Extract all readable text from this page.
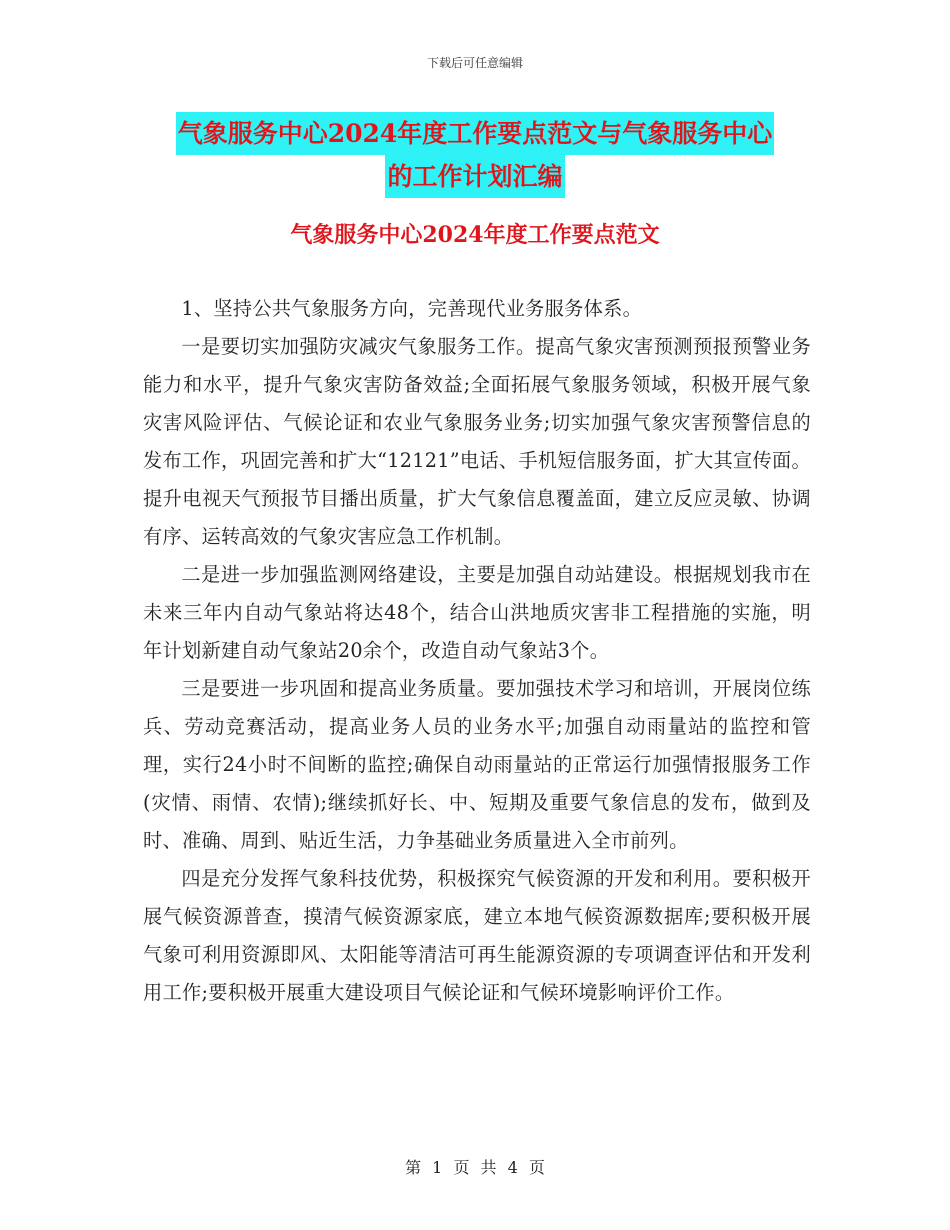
下载后可任意编辑
气象服务中心2024年度工作要点范文与气象服务中心
的工作计划汇编
气象服务中心2024年度工作要点范文

1、坚持公共气象服务方向，完善现代业务服务体系。

一是要切实加强防灾减灾气象服务工作。提高气象灾害预测预报预警业务能力和水平，提升气象灾害防备效益;全面拓展气象服务领域，积极开展气象灾害风险评估、气候论证和农业气象服务业务;切实加强气象灾害预警信息的发布工作，巩固完善和扩大“12121”电话、手机短信服务面，扩大其宣传面。提升电视天气预报节目播出质量，扩大气象信息覆盖面，建立反应灵敏、协调有序、运转高效的气象灾害应急工作机制。

二是进一步加强监测网络建设，主要是加强自动站建设。根据规划我市在未来三年内自动气象站将达48个，结合山洪地质灾害非工程措施的实施，明年计划新建自动气象站20余个，改造自动气象站3个。

三是要进一步巩固和提高业务质量。要加强技术学习和培训，开展岗位练兵、劳动竞赛活动，提高业务人员的业务水平;加强自动雨量站的监控和管理，实行24小时不间断的监控;确保自动雨量站的正常运行加强情报服务工作(灾情、雨情、农情);继续抓好长、中、短期及重要气象信息的发布，做到及时、准确、周到、贴近生活，力争基础业务质量进入全市前列。

四是充分发挥气象科技优势，积极探究气候资源的开发和利用。要积极开展气候资源普查，摸清气候资源家底，建立本地气候资源数据库;要积极开展气象可利用资源即风、太阳能等清洁可再生能源资源的专项调查评估和开发利用工作;要积极开展重大建设项目气候论证和气候环境影响评价工作。

第 1 页 共 4 页
